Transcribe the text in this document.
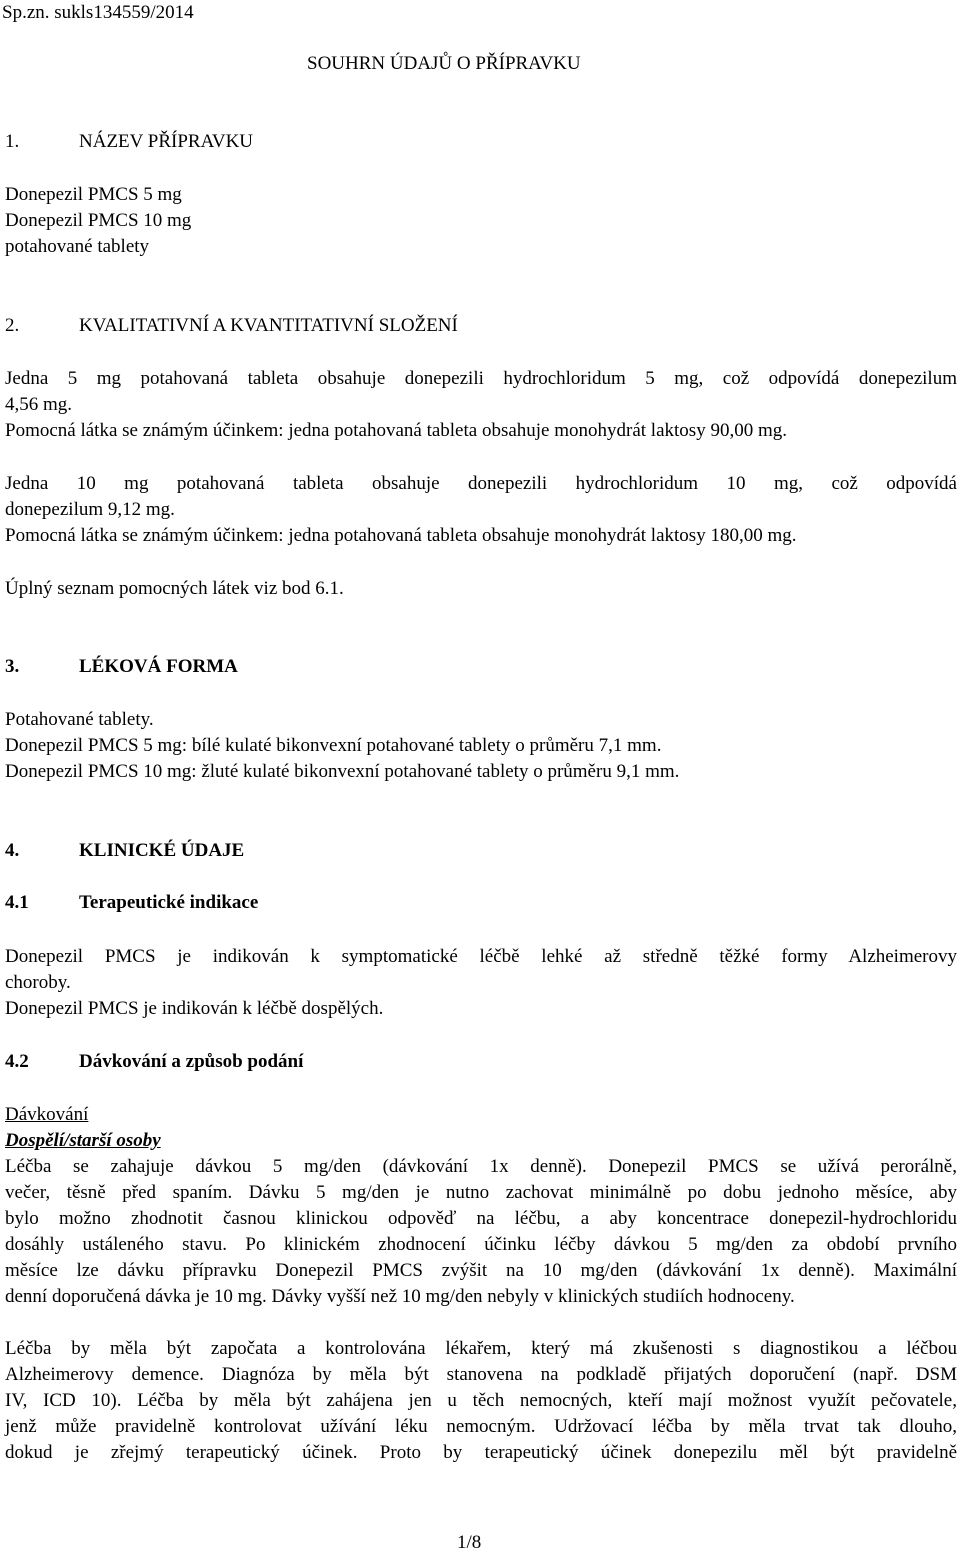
Sp.zn. sukls134559/2014

SOUHRN ÚDAJŮ O PŘÍPRAVKU

1.	NÁZEV PŘÍPRAVKU

Donepezil PMCS 5 mg

Donepezil PMCS 10 mg

potahované tablety

2.	KVALITATIVNÍ A KVANTITATIVNÍ SLOŽENÍ

Jedna 5 mg potahovaná tableta obsahuje donepezili hydrochloridum 5 mg, což odpovídá donepezilum

4,56 mg.

Pomocná látka se známým účinkem: jedna potahovaná tableta obsahuje monohydrát laktosy 90,00 mg.

Jedna 10 mg potahovaná tableta obsahuje donepezili hydrochloridum 10 mg, což odpovídá

donepezilum 9,12 mg.

Pomocná látka se známým účinkem: jedna potahovaná tableta obsahuje monohydrát laktosy 180,00 mg.

Úplný seznam pomocných látek viz bod 6.1.

3.	LÉKOVÁ FORMA

Potahované tablety.

Donepezil PMCS 5 mg: bílé kulaté bikonvexní potahované tablety o průměru 7,1 mm.

Donepezil PMCS 10 mg: žluté kulaté bikonvexní potahované tablety o průměru 9,1 mm.

4.	KLINICKÉ ÚDAJE

4.1	Terapeutické indikace

Donepezil PMCS je indikován k symptomatické léčbě lehké až středně těžké formy Alzheimerovy

choroby.

Donepezil PMCS je indikován k léčbě dospělých.

4.2	Dávkování a způsob podání

Dávkování

Dospělí/starší osoby

Léčba se zahajuje dávkou 5 mg/den (dávkování 1x denně). Donepezil PMCS se užívá perorálně,

večer, těsně před spaním. Dávku 5 mg/den je nutno zachovat minimálně po dobu jednoho měsíce, aby

bylo možno zhodnotit časnou klinickou odpověď na léčbu, a aby koncentrace donepezil-hydrochloridu

dosáhly ustáleného stavu. Po klinickém zhodnocení účinku léčby dávkou 5 mg/den za období prvního

měsíce lze dávku přípravku Donepezil PMCS zvýšit na 10 mg/den (dávkování 1x denně). Maximální

denní doporučená dávka je 10 mg. Dávky vyšší než 10 mg/den nebyly v klinických studiích hodnoceny.

Léčba by měla být započata a kontrolována lékařem, který má zkušenosti s diagnostikou a léčbou

Alzheimerovy demence. Diagnóza by měla být stanovena na podkladě přijatých doporučení (např. DSM

IV, ICD 10). Léčba by měla být zahájena jen u těch nemocných, kteří mají možnost využít pečovatele,

jenž může pravidelně kontrolovat užívání léku nemocným. Udržovací léčba by měla trvat tak dlouho,

dokud je zřejmý terapeutický účinek. Proto by terapeutický účinek donepezilu měl být pravidelně

1/8
